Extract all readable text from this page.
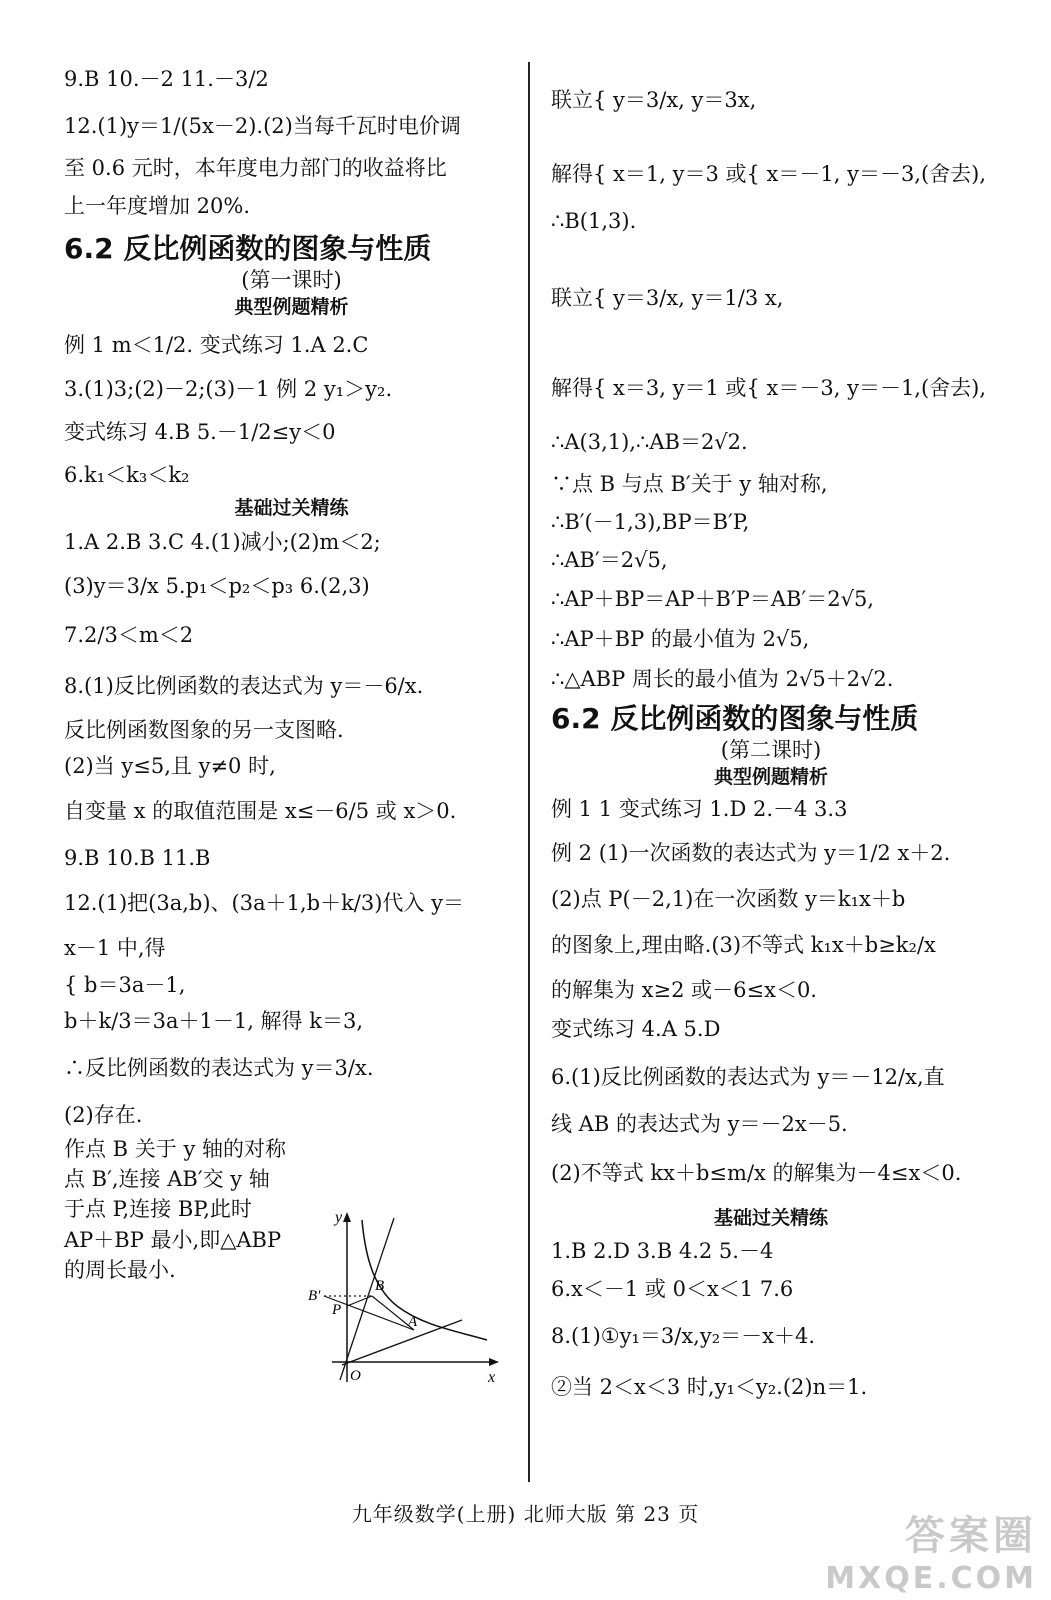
9.B 10.－2 11.－3/2
12.(1)y＝1/(5x－2).(2)当每千瓦时电价调
至 0.6 元时，本年度电力部门的收益将比
上一年度增加 20%.
6.2 反比例函数的图象与性质
(第一课时)
典型例题精析
例 1 m＜1/2. 变式练习 1.A 2.C
3.(1)3;(2)－2;(3)－1 例 2 y₁＞y₂.
变式练习 4.B 5.－1/2≤y＜0
6.k₁＜k₃＜k₂
基础过关精练
1.A 2.B 3.C 4.(1)减小;(2)m＜2;
(3)y＝3/x 5.p₁＜p₂＜p₃ 6.(2,3)
7.2/3＜m＜2
8.(1)反比例函数的表达式为 y＝－6/x.
反比例函数图象的另一支图略.
(2)当 y≤5,且 y≠0 时,
自变量 x 的取值范围是 x≤－6/5 或 x＞0.
9.B 10.B 11.B
12.(1)把(3a,b)、(3a＋1,b＋k/3)代入 y＝
x－1 中,得
{ b＝3a－1,
b＋k/3＝3a＋1－1, 解得 k＝3,
∴反比例函数的表达式为 y＝3/x.
(2)存在.
作点 B 关于 y 轴的对称点 B′,连接 AB′交 y 轴于点 P,连接 BP,此时 AP＋BP 最小,即△ABP 的周长最小.
y
x
O
B′
B
P
A
联立{ y＝3/x, y＝3x,
解得{ x＝1, y＝3 或{ x＝－1, y＝－3,(舍去),
∴B(1,3).
联立{ y＝3/x, y＝1/3 x,
解得{ x＝3, y＝1 或{ x＝－3, y＝－1,(舍去),
∴A(3,1),∴AB＝2√2.
∵点 B 与点 B′关于 y 轴对称,
∴B′(－1,3),BP＝B′P,
∴AB′＝2√5,
∴AP＋BP＝AP＋B′P＝AB′＝2√5,
∴AP＋BP 的最小值为 2√5,
∴△ABP 周长的最小值为 2√5＋2√2.
6.2 反比例函数的图象与性质
(第二课时)
典型例题精析
例 1 1 变式练习 1.D 2.－4 3.3
例 2 (1)一次函数的表达式为 y＝1/2 x＋2.
(2)点 P(－2,1)在一次函数 y＝k₁x＋b
的图象上,理由略.(3)不等式 k₁x＋b≥k₂/x
的解集为 x≥2 或－6≤x＜0.
变式练习 4.A 5.D
6.(1)反比例函数的表达式为 y＝－12/x,直
线 AB 的表达式为 y＝－2x－5.
(2)不等式 kx＋b≤m/x 的解集为－4≤x＜0.
基础过关精练
1.B 2.D 3.B 4.2 5.－4
6.x＜－1 或 0＜x＜1 7.6
8.(1)①y₁＝3/x,y₂＝－x＋4.
②当 2＜x＜3 时,y₁＜y₂.(2)n＝1.
九年级数学(上册) 北师大版 第 23 页	答案圈
MXQE.COM
